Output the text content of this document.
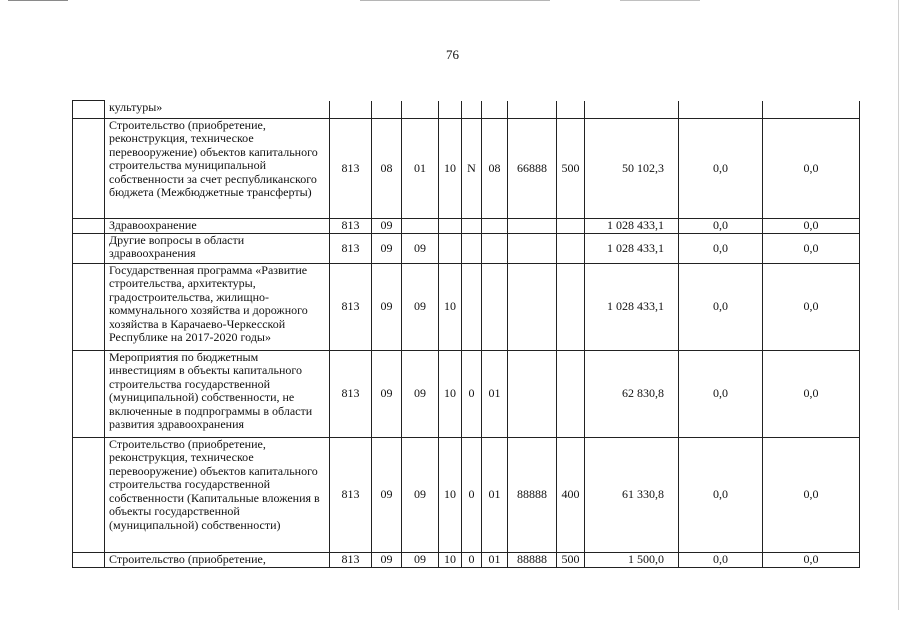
76
	культуры»											
	Строительство (приобретение, реконструкция, техническое перевооружение) объектов капитального строительства муниципальной собственности за счет республиканского бюджета (Межбюджетные трансферты)	813	08	01	10	N	08	66888	500	50 102,3	0,0	0,0
	Здравоохранение	813	09							1 028 433,1	0,0	0,0
	Другие вопросы в области здравоохранения	813	09	09						1 028 433,1	0,0	0,0
	Государственная программа «Развитие строительства, архитектуры, градостроительства, жилищно-коммунального хозяйства и дорожного хозяйства в Карачаево-Черкесской Республике на 2017-2020 годы»	813	09	09	10					1 028 433,1	0,0	0,0
	Мероприятия по бюджетным инвестициям в объекты капитального строительства государственной (муниципальной) собственности, не включенные в подпрограммы в области развития здравоохранения	813	09	09	10	0	01			62 830,8	0,0	0,0
	Строительство (приобретение, реконструкция, техническое перевооружение) объектов капитального строительства государственной собственности (Капитальные вложения в объекты государственной (муниципальной) собственности)	813	09	09	10	0	01	88888	400	61 330,8	0,0	0,0
	Строительство (приобретение,	813	09	09	10	0	01	88888	500	1 500,0	0,0	0,0
